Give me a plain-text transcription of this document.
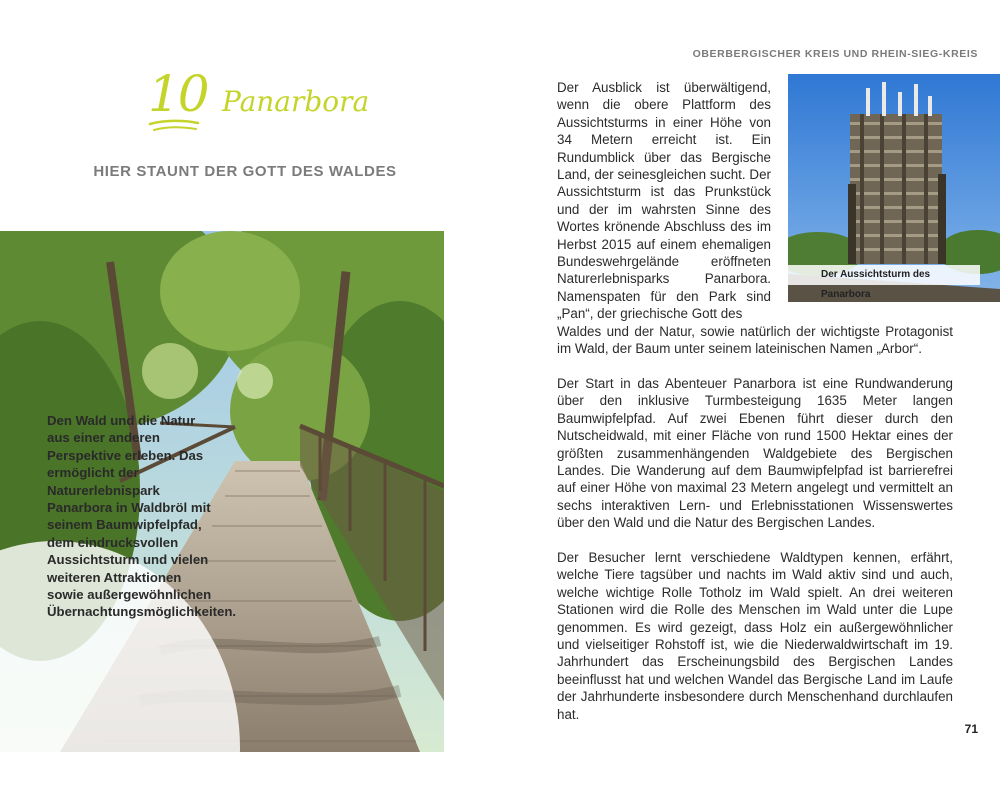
10 Panarbora
HIER STAUNT DER GOTT DES WALDES
Den Wald und die Natur aus einer anderen Perspektive erleben. Das ermöglicht der Naturerlebnispark Panarbora in Waldbröl mit seinem Baumwipfelpfad, dem eindrucksvollen Aussichtsturm und vielen weiteren Attraktionen sowie außergewöhnlichen Übernachtungsmöglichkeiten.
OBERBERGISCHER KREIS UND RHEIN-SIEG-KREIS

Der Ausblick ist überwältigend, wenn die obere Plattform des Aussichtsturms in einer Höhe von 34 Metern erreicht ist. Ein Rundumblick über das Bergische Land, der seinesgleichen sucht. Der Aussichtsturm ist das Prunkstück und der im wahrsten Sinne des Wortes krönende Abschluss des im Herbst 2015 auf einem ehemaligen Bundeswehrgelände eröffneten Naturerlebnisparks Panarbora. Namenspaten für den Park sind „Pan“, der griechische Gott des

Der Aussichtsturm des Panarbora

Waldes und der Natur, sowie natürlich der wichtigste Protagonist im Wald, der Baum unter seinem lateinischen Namen „Arbor“.

Der Start in das Abenteuer Panarbora ist eine Rundwanderung über den inklusive Turmbesteigung 1635 Meter langen Baumwipfelpfad. Auf zwei Ebenen führt dieser durch den Nutscheidwald, mit einer Fläche von rund 1500 Hektar eines der größten zusammenhängenden Waldgebiete des Bergischen Landes. Die Wanderung auf dem Baumwipfelpfad ist barrierefrei auf einer Höhe von maximal 23 Metern angelegt und vermittelt an sechs interaktiven Lern- und Erlebnisstationen Wissenswertes über den Wald und die Natur des Bergischen Landes.

Der Besucher lernt verschiedene Waldtypen kennen, erfährt, welche Tiere tagsüber und nachts im Wald aktiv sind und auch, welche wichtige Rolle Totholz im Wald spielt. An drei weiteren Stationen wird die Rolle des Menschen im Wald unter die Lupe genommen. Es wird gezeigt, dass Holz ein außergewöhnlicher und vielseitiger Rohstoff ist, wie die Niederwaldwirtschaft im 19. Jahrhundert das Erscheinungsbild des Bergischen Landes beeinflusst hat und welchen Wandel das Bergische Land im Laufe der Jahrhunderte insbesondere durch Menschenhand durchlaufen hat.

71
